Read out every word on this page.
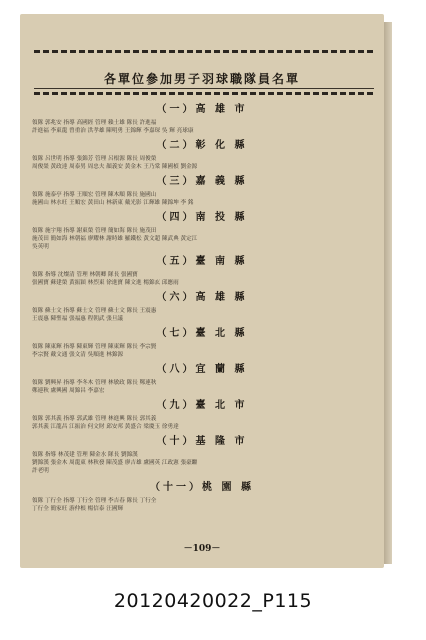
各單位參加男子羽球職隊員名單
（一）高 雄 市
領隊 郭兆安 指導 高國經 管理 賴士雄 隊長 許進福
許進福 李東龍 曾重治 洪孝雄 陳明勇 王錦輝 李嘉琛 吳 輝 亮球康
（二）彰 化 縣
領隊 呂世明 指導 張錦芳 管理 呂根源 隊長 周俊榮
周俊榮 黃政達 周泰男 周忠夫 顏義安 黃金木 王乃棠 陳國楨 劉金源
（三）嘉 義 縣
領隊 施泰亭 指導 王順宏 管理 陳木順 隊長 施國山
施國山 林水旺 王順宏 黃田山 林新東 戴光影 江輝雄 陳錦坤 李 銘
（四）南 投 縣
領隊 施宇翔 指導 謝東榮 管理 簡如海 隊長 施茂田
施茂田 簡如海 林朝福 廖耀林 謝時雄 羅鐵松 黃文超 陳武典 黃定江
吳英明
（五）臺 南 縣
領隊 指導 沈燦清 管理 林朝卿 隊長 張國寶
張國寶 蘇建榮 黃振穎 林烈東 徐進寶 陳文進 楊錦玄 邱應雨
（六）高 雄 縣
領隊 蘇士文 指導 蘇士文 管理 蘇士文 隊長 王震惠
王震惠 陳聖福 張福惠 程朝武 張旦議
（七）臺 北 縣
領隊 陳東輝 指導 陳東輝 管理 陳東輝 隊長 李宗賢
李宗賢 戴文通 張文清 吳順進 林錦源
（八）宜 蘭 縣
領隊 劉興昇 指導 李冬木 管理 林敏政 隊長 鄭連秋
鄭連秋 盧興國 周錦昌 李嘉宏
（九）臺 北 市
領隊 郭其義 指導 郭武雄 管理 林進興 隊長 郭其義
郭其義 江龍昌 江振治 何文財 邱安邦 黃盛合 梁慶玉 徐勇達
（十）基 隆 市
領隊 指導 林茂建 管理 陳金水 隊長 劉錦漢
劉錦漢 張金木 周龍東 林秋發 陳茂盛 廖吉雄 盧國英 江政憲 張豪繼
許老明
（十一）桃 園 縣
領隊 丁行全 指導 丁行全 管理 李吉春 隊長 丁行全
丁行全 簡家旺 游仲根 楊信泰 汪國輝
－109－
20120420022_P115
